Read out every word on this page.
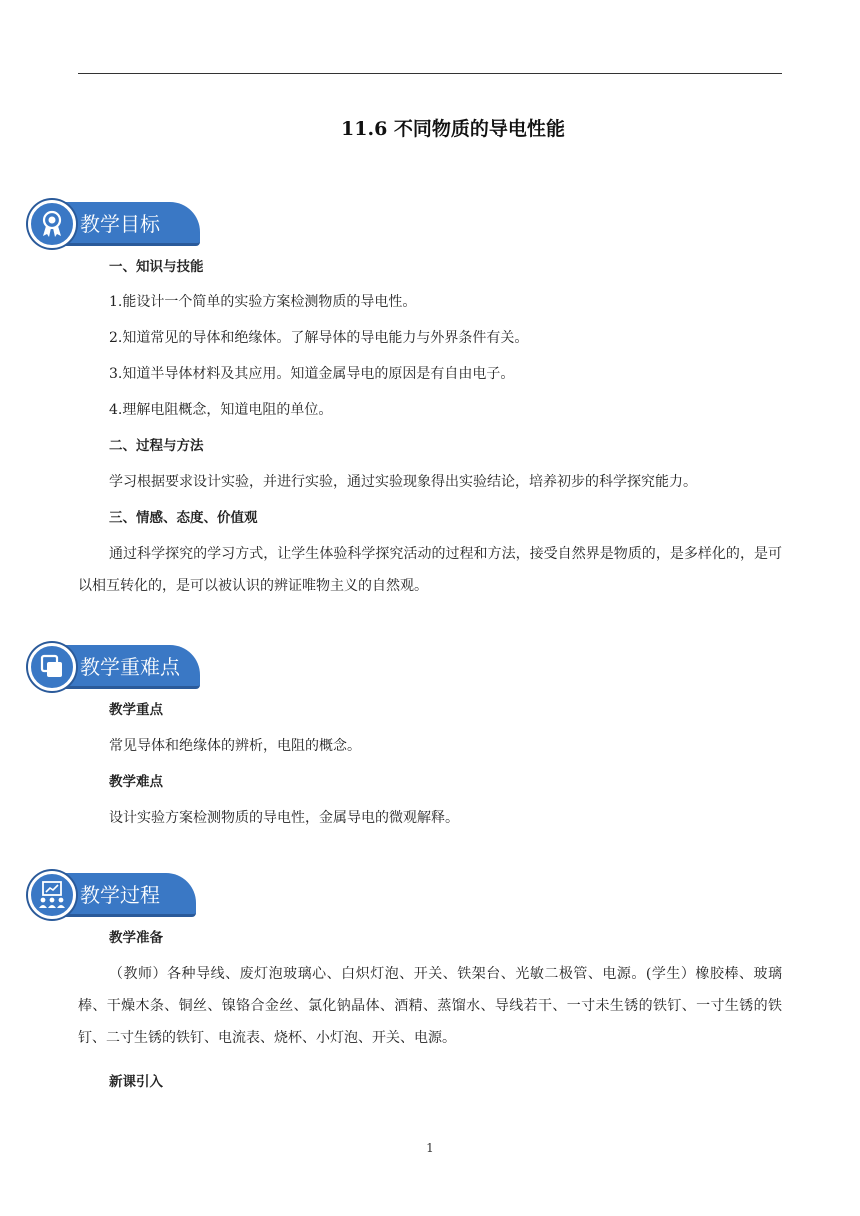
11.6 不同物质的导电性能
教学目标
一、知识与技能
1.能设计一个简单的实验方案检测物质的导电性。
2.知道常见的导体和绝缘体。了解导体的导电能力与外界条件有关。
3.知道半导体材料及其应用。知道金属导电的原因是有自由电子。
4.理解电阻概念，知道电阻的单位。
二、过程与方法
学习根据要求设计实验，并进行实验，通过实验现象得出实验结论，培养初步的科学探究能力。
三、情感、态度、价值观
通过科学探究的学习方式，让学生体验科学探究活动的过程和方法，接受自然界是物质的，是多样化的，是可以相互转化的，是可以被认识的辨证唯物主义的自然观。
教学重难点
教学重点
常见导体和绝缘体的辨析，电阻的概念。
教学难点
设计实验方案检测物质的导电性，金属导电的微观解释。
教学过程
教学准备
（教师）各种导线、废灯泡玻璃心、白炽灯泡、开关、铁架台、光敏二极管、电源。(学生）橡胶棒、玻璃棒、干燥木条、铜丝、镍铬合金丝、氯化钠晶体、酒精、蒸馏水、导线若干、一寸未生锈的铁钉、一寸生锈的铁钉、二寸生锈的铁钉、电流表、烧杯、小灯泡、开关、电源。
新课引入
1
